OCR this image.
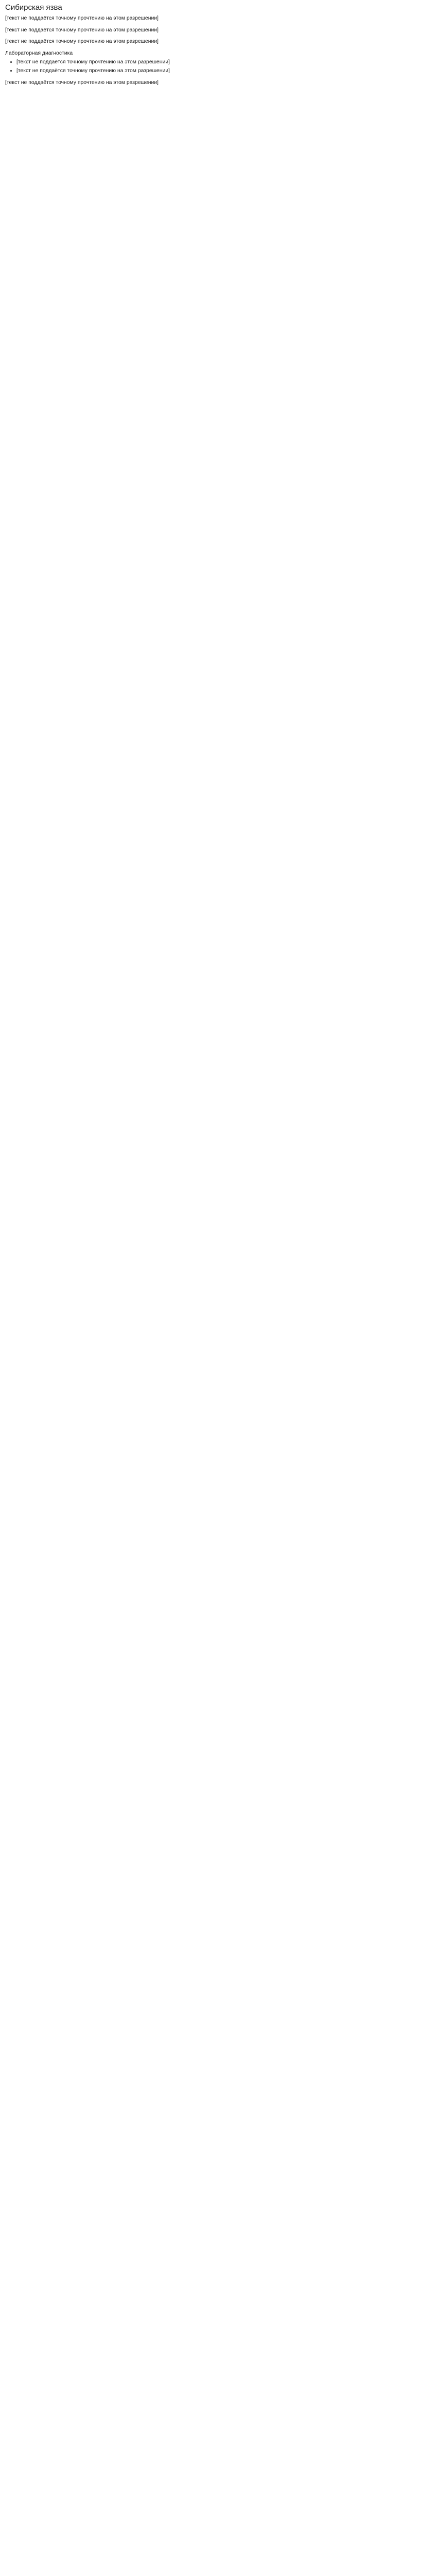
Сибирская язва

[текст не поддаётся точному прочтению на этом разрешении]

[текст не поддаётся точному прочтению на этом разрешении]

[текст не поддаётся точному прочтению на этом разрешении]

Лабораторная диагностика
• [текст не поддаётся точному прочтению на этом разрешении]
• [текст не поддаётся точному прочтению на этом разрешении]

[текст не поддаётся точному прочтению на этом разрешении]
